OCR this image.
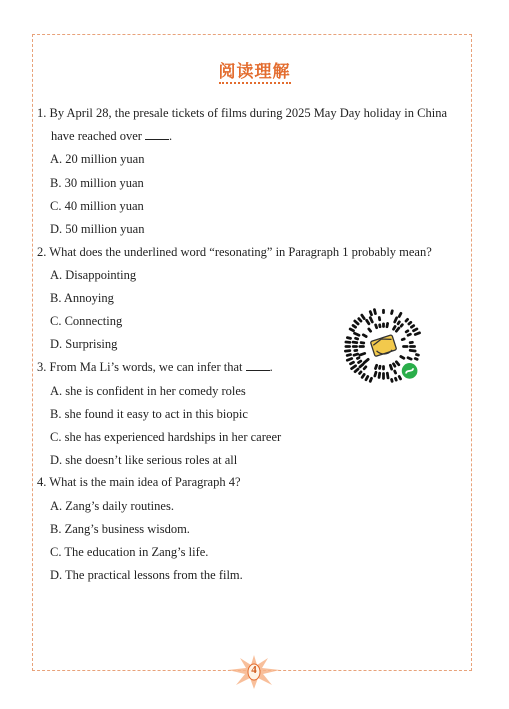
阅读理解
1. By April 28, the presale tickets of films during 2025 May Day holiday in China
have reached over .
A. 20 million yuan
B. 30 million yuan
C. 40 million yuan
D. 50 million yuan
2. What does the underlined word “resonating” in Paragraph 1 probably mean?
A. Disappointing
B. Annoying
C. Connecting
D. Surprising
3. From Ma Li’s words, we can infer that .
A. she is confident in her comedy roles
B. she found it easy to act in this biopic
C. she has experienced hardships in her career
D. she doesn’t like serious roles at all
4. What is the main idea of Paragraph 4?
A. Zang’s daily routines.
B. Zang’s business wisdom.
C. The education in Zang’s life.
D. The practical lessons from the film.
4
